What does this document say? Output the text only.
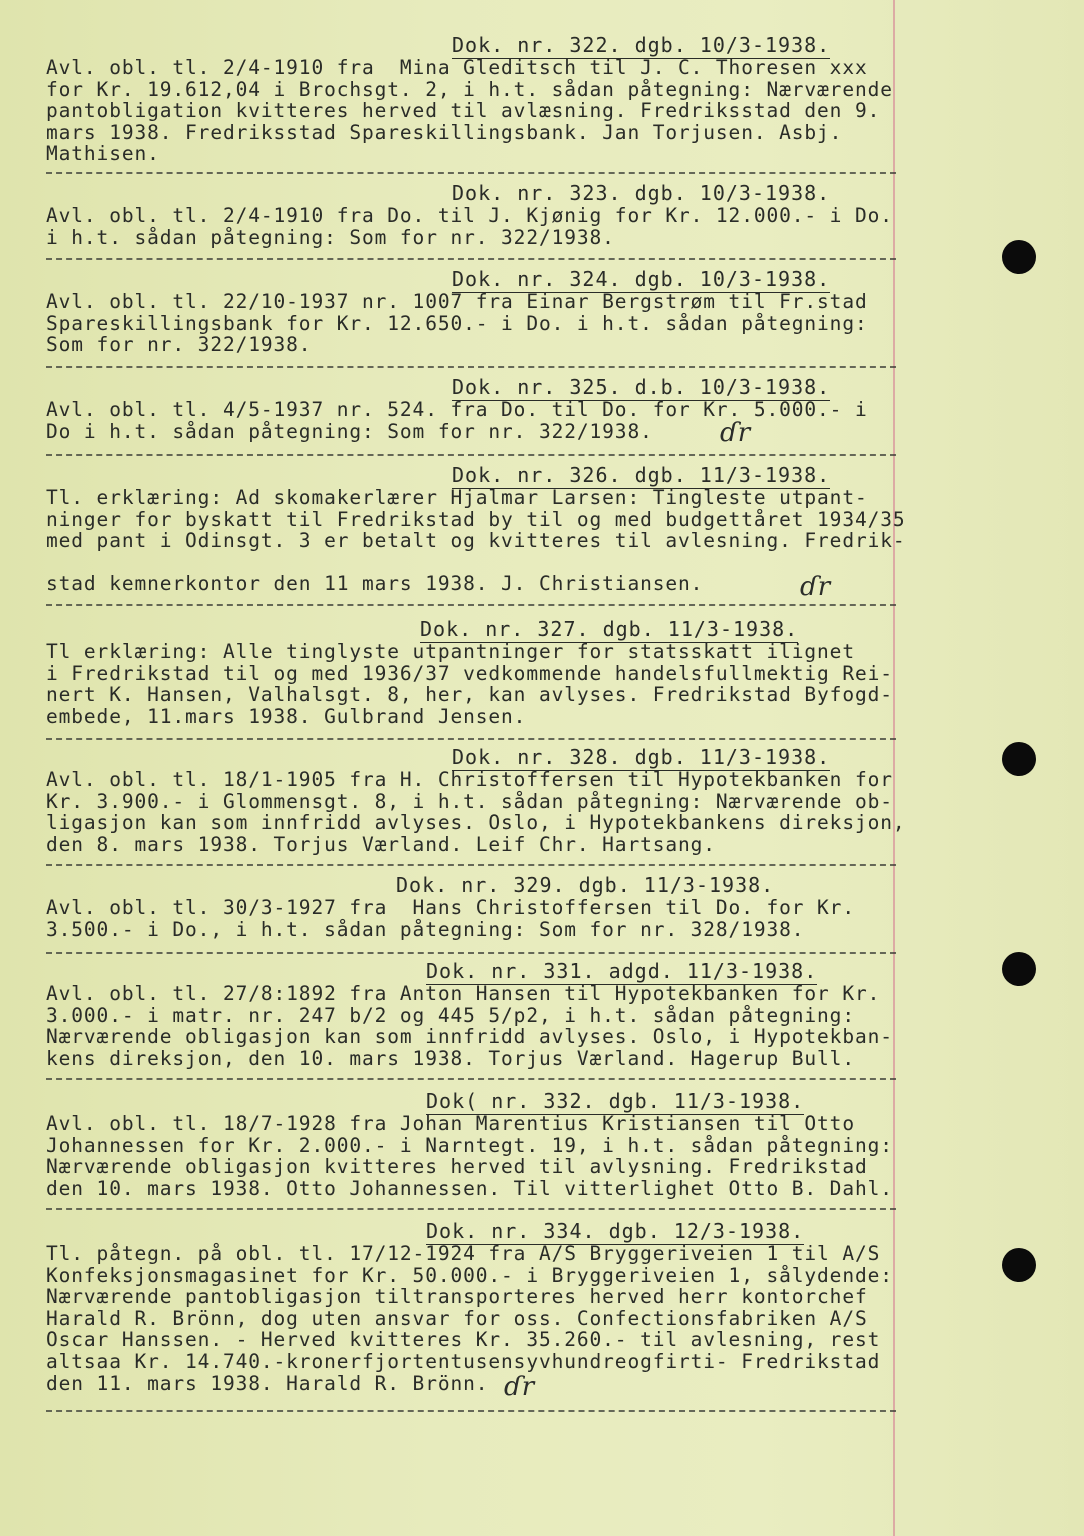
Dok. nr. 322. dgb. 10/3-1938.
Avl. obl. tl. 2/4-1910 fra  Mina Gleditsch til J. C. Thoresen xxx
for Kr. 19.612,04 i Brochsgt. 2, i h.t. sådan påtegning: Nærværende
pantobligation kvitteres herved til avlæsning. Fredriksstad den 9.
mars 1938. Fredriksstad Spareskillingsbank. Jan Torjusen. Asbj.
Mathisen.
Dok. nr. 323. dgb. 10/3-1938.
Avl. obl. tl. 2/4-1910 fra Do. til J. Kjønig for Kr. 12.000.- i Do.
i h.t. sådan påtegning: Som for nr. 322/1938.
Dok. nr. 324. dgb. 10/3-1938.
Avl. obl. tl. 22/10-1937 nr. 1007 fra Einar Bergstrøm til Fr.stad
Spareskillingsbank for Kr. 12.650.- i Do. i h.t. sådan påtegning:
Som for nr. 322/1938.
Dok. nr. 325. d.b. 10/3-1938.
Avl. obl. tl. 4/5-1937 nr. 524. fra Do. til Do. for Kr. 5.000.- i
Do i h.t. sådan påtegning: Som for nr. 322/1938.	ɗr
Dok. nr. 326. dgb. 11/3-1938.
Tl. erklæring: Ad skomakerlærer Hjalmar Larsen: Tingleste utpant-
ninger for byskatt til Fredrikstad by til og med budgettåret 1934/35
med pant i Odinsgt. 3 er betalt og kvitteres til avlesning. Fredrik-
stad kemnerkontor den 11 mars 1938. J. Christiansen.	ɗr
Dok. nr. 327. dgb. 11/3-1938.
Tl erklæring: Alle tinglyste utpantninger for statsskatt ilignet
i Fredrikstad til og med 1936/37 vedkommende handelsfullmektig Rei-
nert K. Hansen, Valhalsgt. 8, her, kan avlyses. Fredrikstad Byfogd-
embede, 11.mars 1938. Gulbrand Jensen.
Dok. nr. 328. dgb. 11/3-1938.
Avl. obl. tl. 18/1-1905 fra H. Christoffersen til Hypotekbanken for
Kr. 3.900.- i Glommensgt. 8, i h.t. sådan påtegning: Nærværende ob-
ligasjon kan som innfridd avlyses. Oslo, i Hypotekbankens direksjon,
den 8. mars 1938. Torjus Værland. Leif Chr. Hartsang.
Dok. nr. 329. dgb. 11/3-1938.
Avl. obl. tl. 30/3-1927 fra  Hans Christoffersen til Do. for Kr.
3.500.- i Do., i h.t. sådan påtegning: Som for nr. 328/1938.
Dok. nr. 331. adgd. 11/3-1938.
Avl. obl. tl. 27/8:1892 fra Anton Hansen til Hypotekbanken for Kr.
3.000.- i matr. nr. 247 b/2 og 445 5/p2, i h.t. sådan påtegning:
Nærværende obligasjon kan som innfridd avlyses. Oslo, i Hypotekban-
kens direksjon, den 10. mars 1938. Torjus Værland. Hagerup Bull.
Dok( nr. 332. dgb. 11/3-1938.
Avl. obl. tl. 18/7-1928 fra Johan Marentius Kristiansen til Otto
Johannessen for Kr. 2.000.- i Narntegt. 19, i h.t. sådan påtegning:
Nærværende obligasjon kvitteres herved til avlysning. Fredrikstad
den 10. mars 1938. Otto Johannessen. Til vitterlighet Otto B. Dahl.
Dok. nr. 334. dgb. 12/3-1938.
Tl. påtegn. på obl. tl. 17/12-1924 fra A/S Bryggeriveien 1 til A/S
Konfeksjonsmagasinet for Kr. 50.000.- i Bryggeriveien 1, sålydende:
Nærværende pantobligasjon tiltransporteres herved herr kontorchef
Harald R. Brönn, dog uten ansvar for oss. Confectionsfabriken A/S
Oscar Hanssen. - Herved kvitteres Kr. 35.260.- til avlesning, rest
altsaa Kr. 14.740.-kronerfjortentusensyvhundreogfirti- Fredrikstad
den 11. mars 1938. Harald R. Brönn. ɗr
